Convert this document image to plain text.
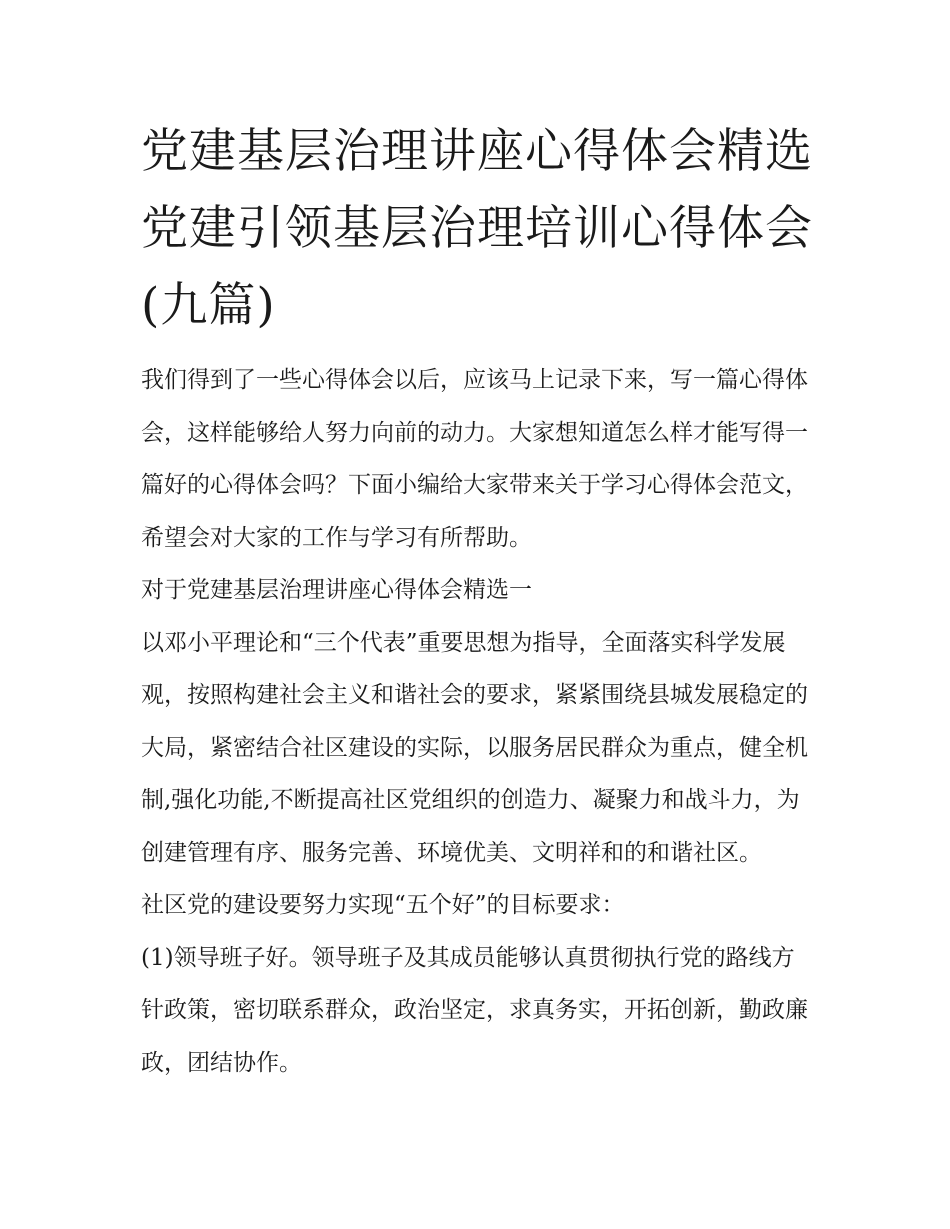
党建基层治理讲座心得体会精选 党建引领基层治理培训心得体会(九篇)

我们得到了一些心得体会以后，应该马上记录下来，写一篇心得体会，这样能够给人努力向前的动力。大家想知道怎么样才能写得一篇好的心得体会吗？下面小编给大家带来关于学习心得体会范文，希望会对大家的工作与学习有所帮助。

对于党建基层治理讲座心得体会精选一

以邓小平理论和“三个代表”重要思想为指导，全面落实科学发展观，按照构建社会主义和谐社会的要求，紧紧围绕县城发展稳定的大局，紧密结合社区建设的实际，以服务居民群众为重点，健全机制,强化功能,不断提高社区党组织的创造力、凝聚力和战斗力，为创建管理有序、服务完善、环境优美、文明祥和的和谐社区。

社区党的建设要努力实现“五个好”的目标要求：

(1)领导班子好。领导班子及其成员能够认真贯彻执行党的路线方针政策，密切联系群众，政治坚定，求真务实，开拓创新，勤政廉政，团结协作。
